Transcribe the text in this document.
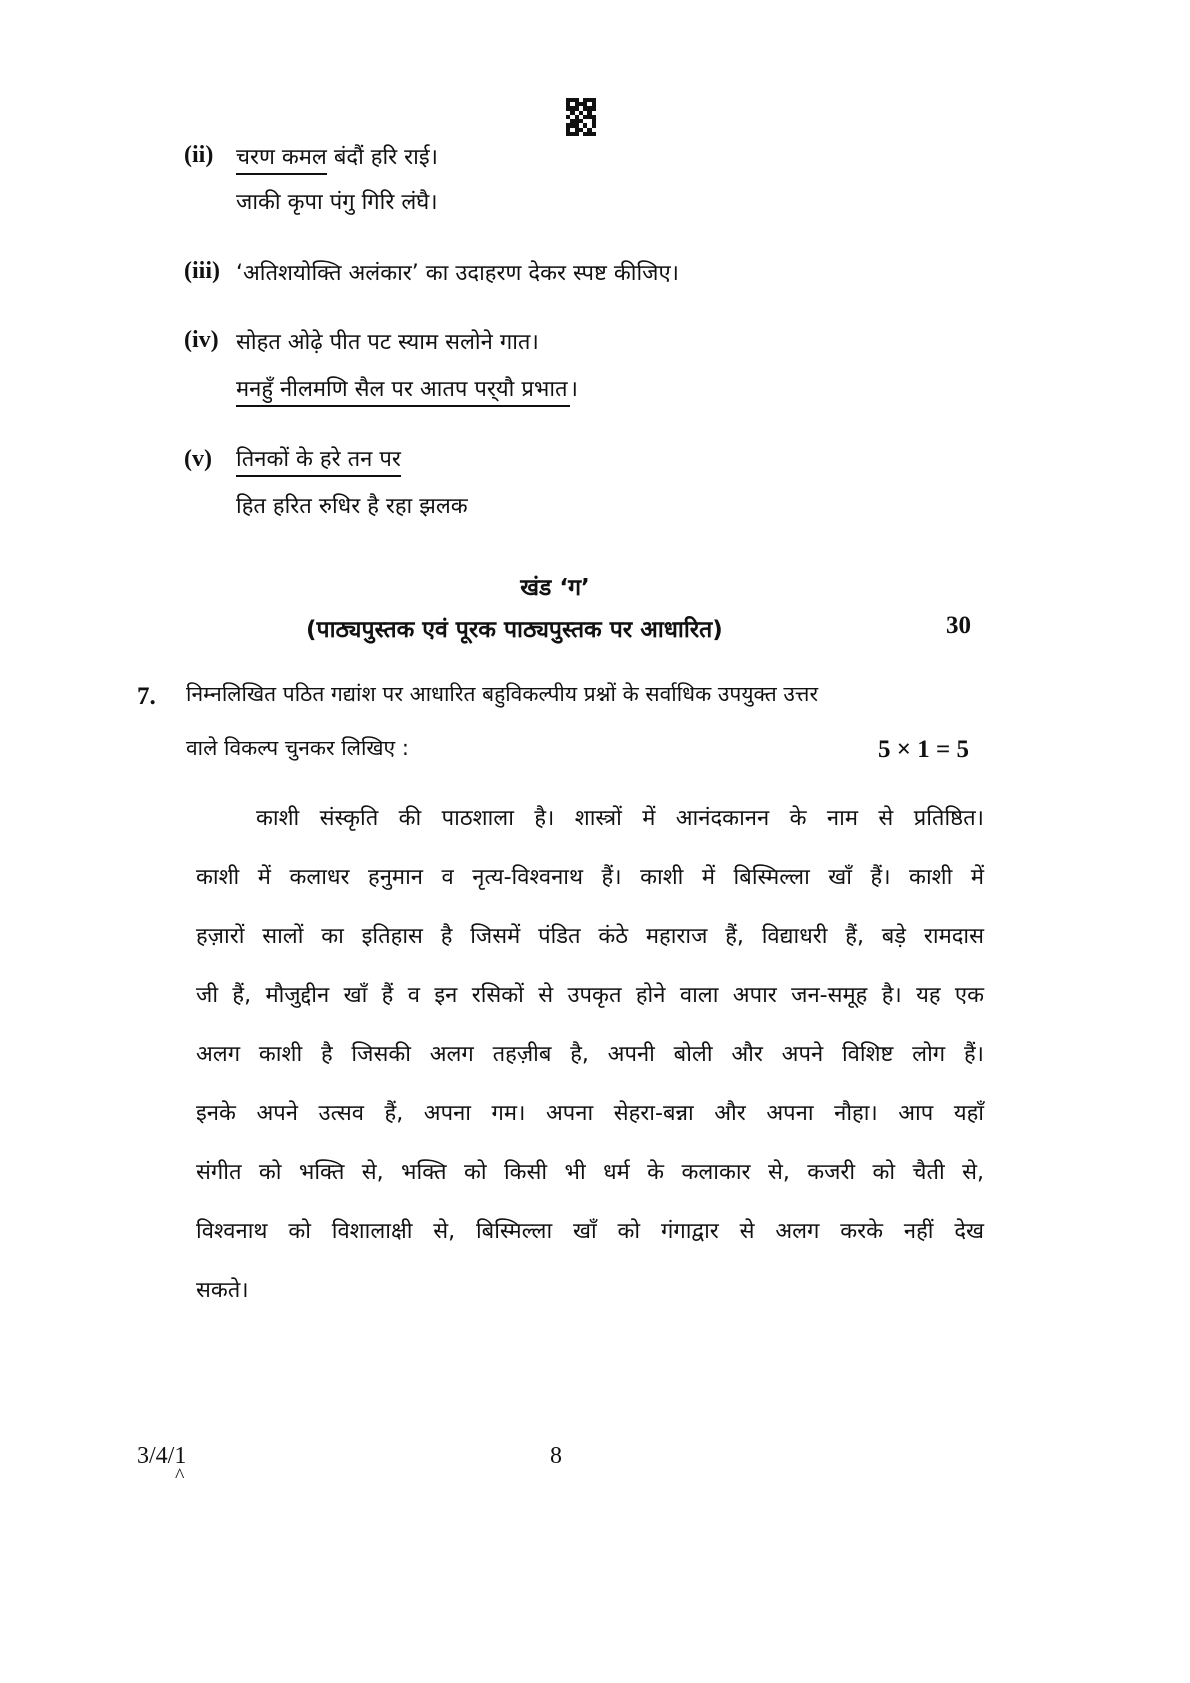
(ii) चरण कमल बंदौं हरि राई।
जाकी कृपा पंगु गिरि लंघै।
(iii) ‘अतिशयोक्ति अलंकार’ का उदाहरण देकर स्पष्ट कीजिए।
(iv) सोहत ओढ़े पीत पट स्याम सलोने गात।
मनहुँ नीलमणि सैल पर आतप पर्‌यौ प्रभात।
(v) तिनकों के हरे तन पर
हित हरित रुधिर है रहा झलक
खंड ‘ग’
(पाठ्यपुस्तक एवं पूरक पाठ्यपुस्तक पर आधारित)	30
7. निम्नलिखित पठित गद्यांश पर आधारित बहुविकल्पीय प्रश्नों के सर्वाधिक उपयुक्त उत्तर
वाले विकल्प चुनकर लिखिए :	5 × 1 = 5
काशी संस्कृति की पाठशाला है। शास्त्रों में आनंदकानन के नाम से प्रतिष्ठित।
काशी में कलाधर हनुमान व नृत्य-विश्वनाथ हैं। काशी में बिस्मिल्ला खाँ हैं। काशी में
हज़ारों सालों का इतिहास है जिसमें पंडित कंठे महाराज हैं, विद्याधरी हैं, बड़े रामदास
जी हैं, मौजुद्दीन खाँ हैं व इन रसिकों से उपकृत होने वाला अपार जन-समूह है। यह एक
अलग काशी है जिसकी अलग तहज़ीब है, अपनी बोली और अपने विशिष्ट लोग हैं।
इनके अपने उत्सव हैं, अपना गम। अपना सेहरा-बन्ना और अपना नौहा। आप यहाँ
संगीत को भक्ति से, भक्ति को किसी भी धर्म के कलाकार से, कजरी को चैती से,
विश्वनाथ को विशालाक्षी से, बिस्मिल्ला खाँ को गंगाद्वार से अलग करके नहीं देख
सकते।
3/4/1
^
8
